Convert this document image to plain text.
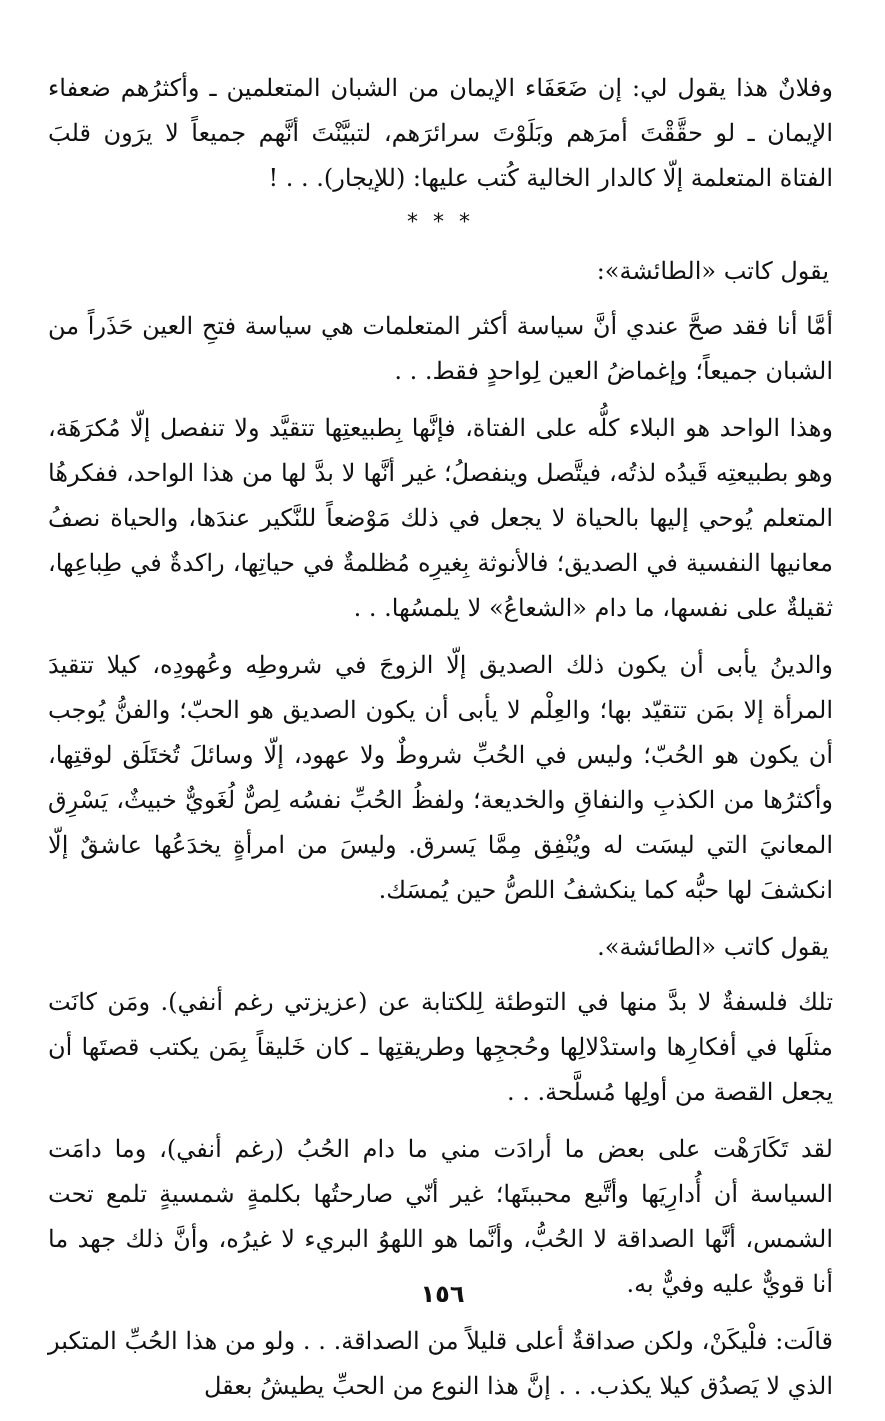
وفلانٌ هذا يقول لي: إن ضَعَفَاء الإيمان من الشبان المتعلمين ـ وأكثرُهم ضعفاء الإيمان ـ لو حقَّقْتَ أمرَهم وبَلَوْتَ سرائرَهم، لتبيَّنْتَ أنَّهم جميعاً لا يرَون قلبَ الفتاة المتعلمة إلّا كالدار الخالية كُتب عليها: (للإيجار). . . !

* * *

يقول كاتب «الطائشة»:

أمَّا أنا فقد صحَّ عندي أنَّ سياسة أكثر المتعلمات هي سياسة فتحِ العين حَذَراً من الشبان جميعاً؛ وإغماضُ العين لِواحدٍ فقط. . .

وهذا الواحد هو البلاء كلُّه على الفتاة، فإنَّها بِطبيعتِها تتقيَّد ولا تنفصل إلّا مُكرَهَة، وهو بطبيعتِه قَيدُه لذتُه، فيتَّصل وينفصلُ؛ غير أنَّها لا بدَّ لها من هذا الواحد، ففكرهُا المتعلم يُوحي إليها بالحياة لا يجعل في ذلك مَوْضعاً للنَّكير عندَها، والحياة نصفُ معانيها النفسية في الصديق؛ فالأنوثة بِغيرِه مُظلمةٌ في حياتِها، راكدةٌ في طِباعِها، ثقيلةٌ على نفسها، ما دام «الشعاعُ» لا يلمسُها. . .

والدينُ يأبى أن يكون ذلك الصديق إلّا الزوجَ في شروطِه وعُهودِه، كيلا تتقيدَ المرأة إلا بمَن تتقيّد بها؛ والعِلْم لا يأبى أن يكون الصديق هو الحبّ؛ والفنُّ يُوجب أن يكون هو الحُبّ؛ وليس في الحُبِّ شروطٌ ولا عهود، إلّا وسائلَ تُختَلَق لوقتِها، وأكثرُها من الكذبِ والنفاقِ والخديعة؛ ولفظُ الحُبِّ نفسُه لِصٌّ لُغَويٌّ خبيثٌ، يَسْرِق المعانيَ التي ليسَت له ويُنْفِق مِمَّا يَسرق. وليسَ من امرأةٍ يخدَعُها عاشقٌ إلّا انكشفَ لها حبُّه كما ينكشفُ اللصُّ حين يُمسَك.

يقول كاتب «الطائشة».

تلك فلسفةٌ لا بدَّ منها في التوطئة لِلكتابة عن (عزيزتي رغم أنفي). ومَن كانَت مثلَها في أفكارِها واستدْلالِها وحُججِها وطريقتِها ـ كان خَليقاً بِمَن يكتب قصتَها أن يجعل القصة من أولِها مُسلَّحة. . .

لقد تَكَارَهْت على بعض ما أرادَت مني ما دام الحُبُ (رغم أنفي)، وما دامَت السياسة أن أُدارِيَها وأتَّبع محببتَها؛ غير أنّي صارحتُها بكلمةٍ شمسيةٍ تلمع تحت الشمس، أنَّها الصداقة لا الحُبُّ، وأنَّما هو اللهوُ البريء لا غيرُه، وأنَّ ذلك جهد ما أنا قويٌّ عليه وفيٌّ به.

قالَت: فلْيكَنْ، ولكن صداقةٌ أعلى قليلاً من الصداقة. . . ولو من هذا الحُبِّ المتكبر الذي لا يَصدُق كيلا يكذب. . . إنَّ هذا النوع من الحبِّ يطيشُ بعقل

١٥٦
